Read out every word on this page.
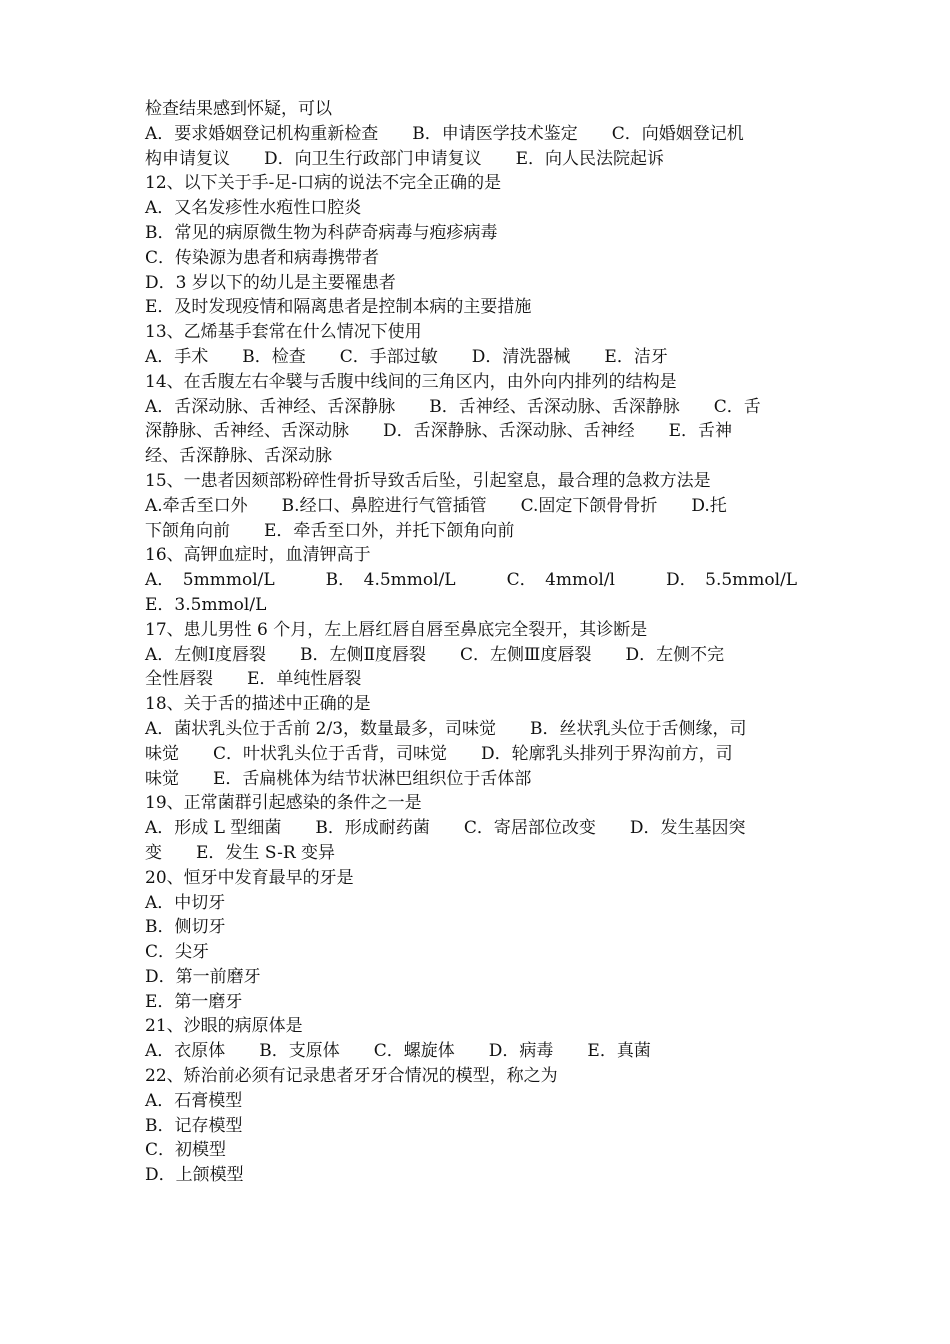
检查结果感到怀疑，可以
A．要求婚姻登记机构重新检查　　B．申请医学技术鉴定　　C．向婚姻登记机
构申请复议　　D．向卫生行政部门申请复议　　E．向人民法院起诉
12、以下关于手-足-口病的说法不完全正确的是
A．又名发疹性水疱性口腔炎
B．常见的病原微生物为科萨奇病毒与疱疹病毒
C．传染源为患者和病毒携带者
D．3 岁以下的幼儿是主要罹患者
E．及时发现疫情和隔离患者是控制本病的主要措施
13、乙烯基手套常在什么情况下使用
A．手术　　B．检查　　C．手部过敏　　D．清洗器械　　E．洁牙
14、在舌腹左右伞襞与舌腹中线间的三角区内，由外向内排列的结构是
A．舌深动脉、舌神经、舌深静脉　　B．舌神经、舌深动脉、舌深静脉　　C．舌
深静脉、舌神经、舌深动脉　　D．舌深静脉、舌深动脉、舌神经　　E．舌神
经、舌深静脉、舌深动脉
15、一患者因颏部粉碎性骨折导致舌后坠，引起窒息，最合理的急救方法是
A.牵舌至口外　　B.经口、鼻腔进行气管插管　　C.固定下颌骨骨折　　D.托
下颌角向前　　E．牵舌至口外，并托下颌角向前
16、高钾血症时，血清钾高于
A．　5mmmol/L　　　B．　4.5mmol/L　　　C．　4mmol/l　　　D．　5.5mmol/L
E．3.5mmol/L
17、患儿男性 6 个月，左上唇红唇自唇至鼻底完全裂开，其诊断是
A．左侧Ⅰ度唇裂　　B．左侧Ⅱ度唇裂　　C．左侧Ⅲ度唇裂　　D．左侧不完
全性唇裂　　E．单纯性唇裂
18、关于舌的描述中正确的是
A．菌状乳头位于舌前 2/3，数量最多，司味觉　　B．丝状乳头位于舌侧缘，司
味觉　　C．叶状乳头位于舌背，司味觉　　D．轮廓乳头排列于界沟前方，司
味觉　　E．舌扁桃体为结节状淋巴组织位于舌体部
19、正常菌群引起感染的条件之一是
A．形成 L 型细菌　　B．形成耐药菌　　C．寄居部位改变　　D．发生基因突
变　　E．发生 S-R 变异
20、恒牙中发育最早的牙是
A．中切牙
B．侧切牙
C．尖牙
D．第一前磨牙
E．第一磨牙
21、沙眼的病原体是
A．衣原体　　B．支原体　　C．螺旋体　　D．病毒　　E．真菌
22、矫治前必须有记录患者牙牙合情况的模型，称之为
A．石膏模型
B．记存模型
C．初模型
D．上颌模型
